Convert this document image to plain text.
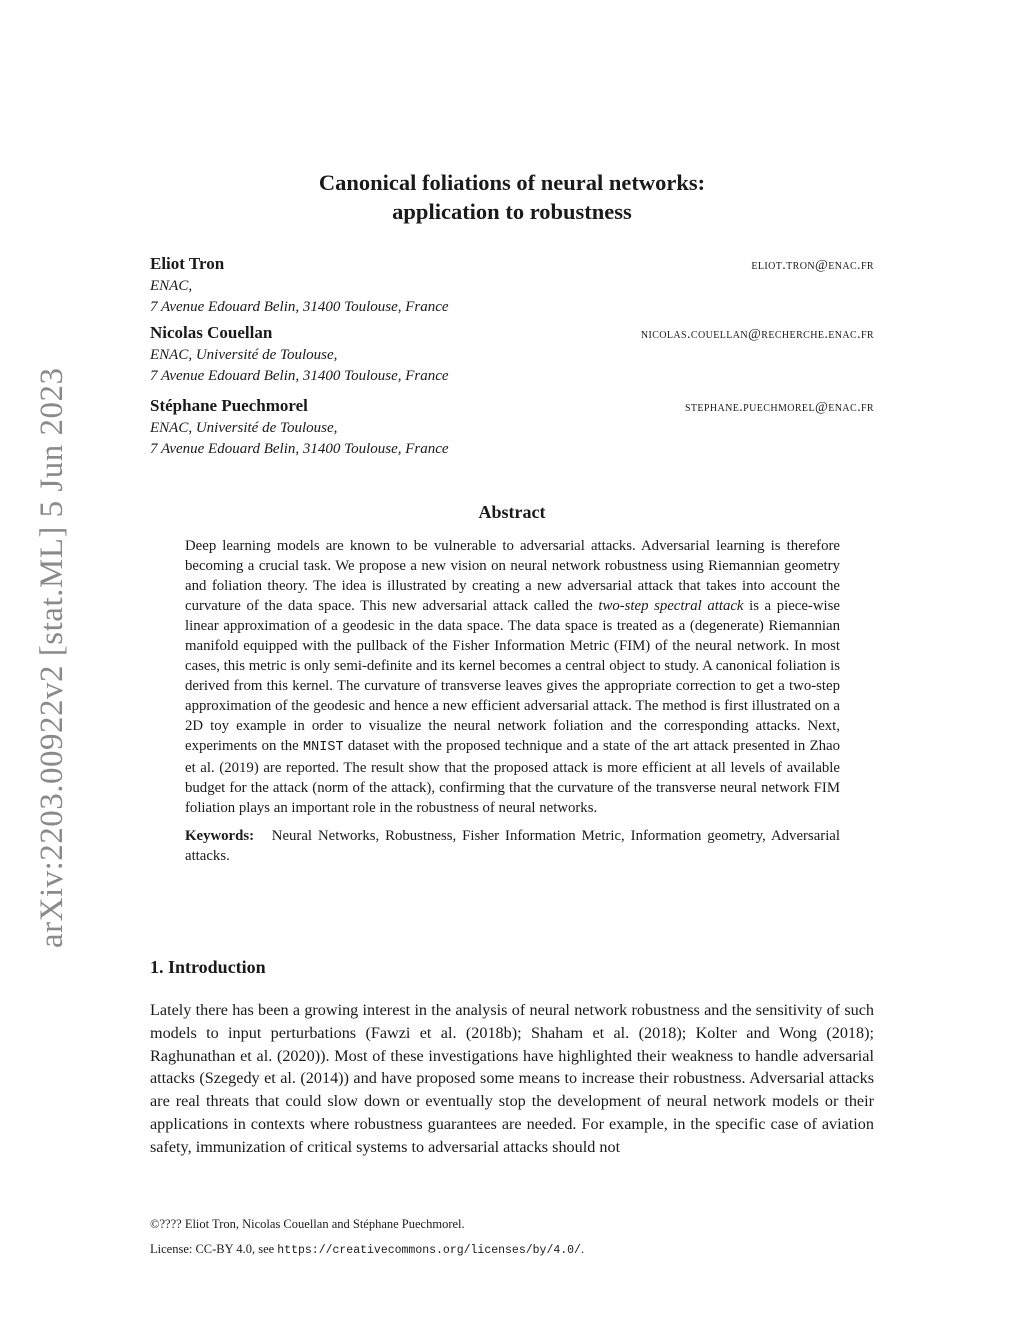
arXiv:2203.00922v2 [stat.ML] 5 Jun 2023
Canonical foliations of neural networks:
application to robustness
Eliot Tron	eliot.tron@enac.fr
ENAC,
7 Avenue Edouard Belin, 31400 Toulouse, France
Nicolas Couellan	nicolas.couellan@recherche.enac.fr
ENAC, Université de Toulouse,
7 Avenue Edouard Belin, 31400 Toulouse, France
Stéphane Puechmorel	stephane.puechmorel@enac.fr
ENAC, Université de Toulouse,
7 Avenue Edouard Belin, 31400 Toulouse, France
Abstract

Deep learning models are known to be vulnerable to adversarial attacks. Adversarial learning is therefore becoming a crucial task. We propose a new vision on neural network robustness using Riemannian geometry and foliation theory. The idea is illustrated by creating a new adversarial attack that takes into account the curvature of the data space. This new adversarial attack called the two-step spectral attack is a piece-wise linear approximation of a geodesic in the data space. The data space is treated as a (degenerate) Riemannian manifold equipped with the pullback of the Fisher Information Metric (FIM) of the neural network. In most cases, this metric is only semi-definite and its kernel becomes a central object to study. A canonical foliation is derived from this kernel. The curvature of transverse leaves gives the appropriate correction to get a two-step approximation of the geodesic and hence a new efficient adversarial attack. The method is first illustrated on a 2D toy example in order to visualize the neural network foliation and the corresponding attacks. Next, experiments on the MNIST dataset with the proposed technique and a state of the art attack presented in Zhao et al. (2019) are reported. The result show that the proposed attack is more efficient at all levels of available budget for the attack (norm of the attack), confirming that the curvature of the transverse neural network FIM foliation plays an important role in the robustness of neural networks.

Keywords: Neural Networks, Robustness, Fisher Information Metric, Information geometry, Adversarial attacks.

1. Introduction

Lately there has been a growing interest in the analysis of neural network robustness and the sensitivity of such models to input perturbations (Fawzi et al. (2018b); Shaham et al. (2018); Kolter and Wong (2018); Raghunathan et al. (2020)). Most of these investigations have highlighted their weakness to handle adversarial attacks (Szegedy et al. (2014)) and have proposed some means to increase their robustness. Adversarial attacks are real threats that could slow down or eventually stop the development of neural network models or their applications in contexts where robustness guarantees are needed. For example, in the specific case of aviation safety, immunization of critical systems to adversarial attacks should not

©???? Eliot Tron, Nicolas Couellan and Stéphane Puechmorel.
License: CC-BY 4.0, see https://creativecommons.org/licenses/by/4.0/.
